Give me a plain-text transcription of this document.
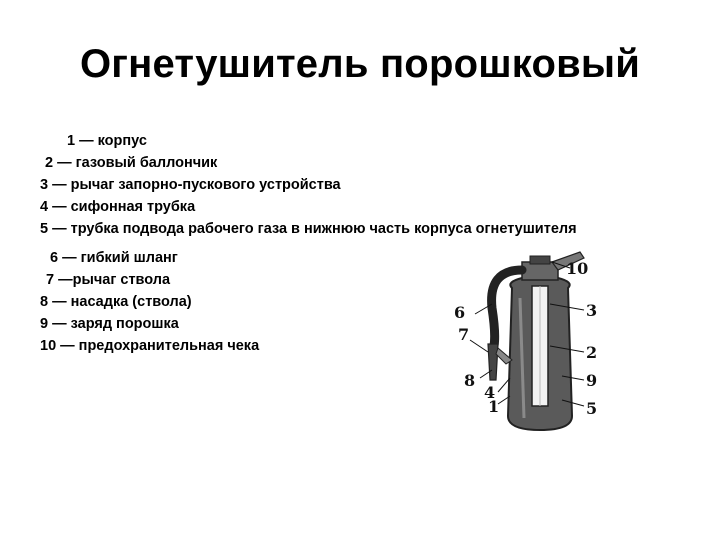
Огнетушитель порошковый
1 — корпус
2 — газовый баллончик
3 — рычаг запорно-пускового устройства
4 — сифонная трубка
5 — трубка подвода рабочего газа в нижнюю часть корпуса огнетушителя
6 — гибкий шланг
7 —рычаг ствола
8 — насадка (ствола)
9 — заряд порошка
10 — предохранительная чека
10
6
7
8
4
1
3
2
9
5
